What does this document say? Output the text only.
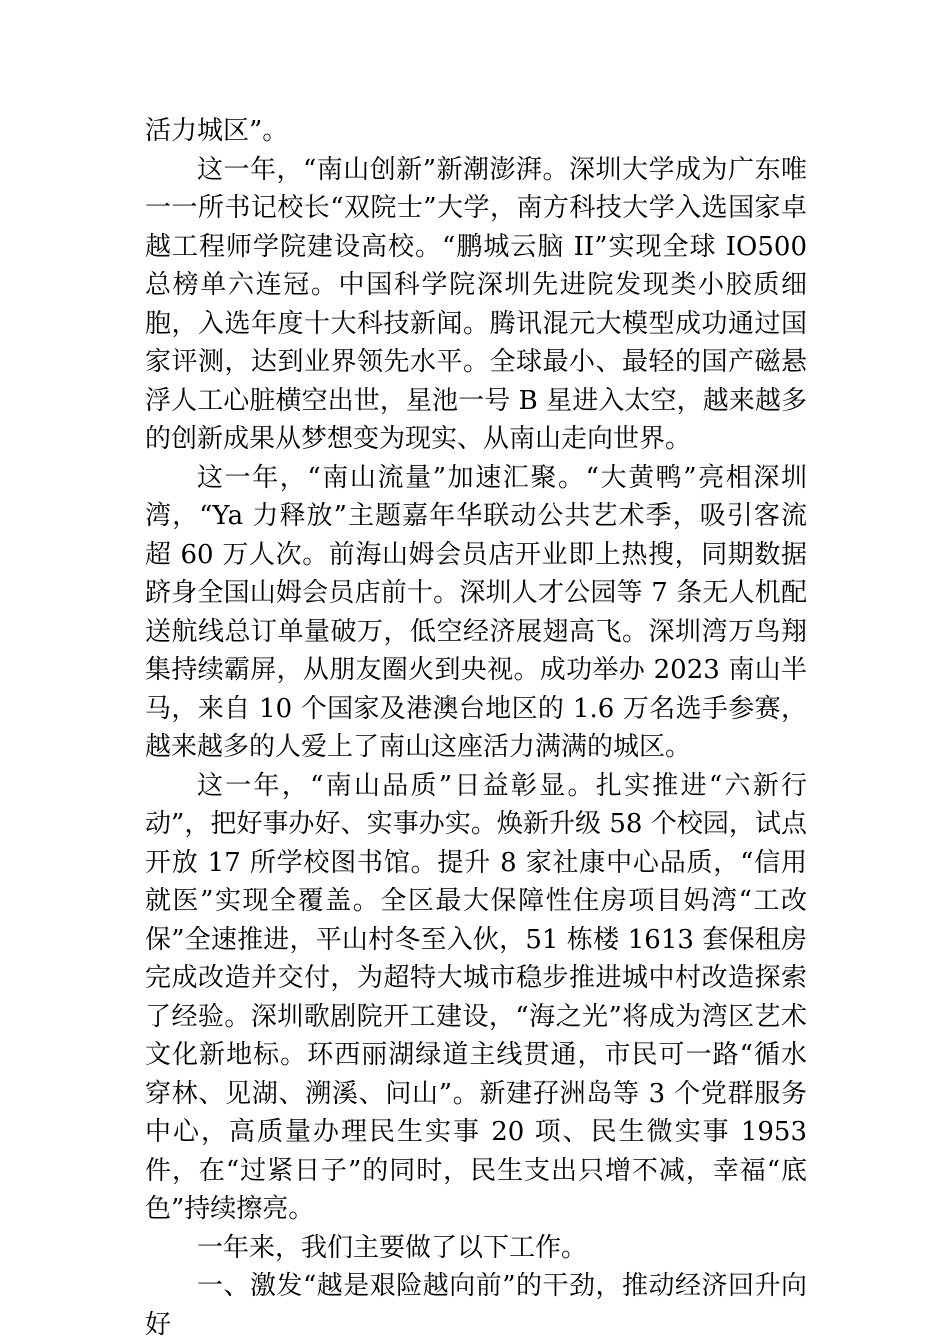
活力城区”。

这一年，“南山创新”新潮澎湃。深圳大学成为广东唯一一所书记校长“双院士”大学，南方科技大学入选国家卓越工程师学院建设高校。“鹏城云脑 II”实现全球 IO500 总榜单六连冠。中国科学院深圳先进院发现类小胶质细胞，入选年度十大科技新闻。腾讯混元大模型成功通过国家评测，达到业界领先水平。全球最小、最轻的国产磁悬浮人工心脏横空出世，星池一号 B 星进入太空，越来越多的创新成果从梦想变为现实、从南山走向世界。

这一年，“南山流量”加速汇聚。“大黄鸭”亮相深圳湾，“Ya 力释放”主题嘉年华联动公共艺术季，吸引客流超 60 万人次。前海山姆会员店开业即上热搜，同期数据跻身全国山姆会员店前十。深圳人才公园等 7 条无人机配送航线总订单量破万，低空经济展翅高飞。深圳湾万鸟翔集持续霸屏，从朋友圈火到央视。成功举办 2023 南山半马，来自 10 个国家及港澳台地区的 1.6 万名选手参赛，越来越多的人爱上了南山这座活力满满的城区。

这一年，“南山品质”日益彰显。扎实推进“六新行动”，把好事办好、实事办实。焕新升级 58 个校园，试点开放 17 所学校图书馆。提升 8 家社康中心品质，“信用就医”实现全覆盖。全区最大保障性住房项目妈湾“工改保”全速推进，平山村冬至入伙，51 栋楼 1613 套保租房完成改造并交付，为超特大城市稳步推进城中村改造探索了经验。深圳歌剧院开工建设，“海之光”将成为湾区艺术文化新地标。环西丽湖绿道主线贯通，市民可一路“循水穿林、见湖、溯溪、问山”。新建孖洲岛等 3 个党群服务中心，高质量办理民生实事 20 项、民生微实事 1953 件，在“过紧日子”的同时，民生支出只增不减，幸福“底色”持续擦亮。

一年来，我们主要做了以下工作。

一、激发“越是艰险越向前”的干劲，推动经济回升向好
